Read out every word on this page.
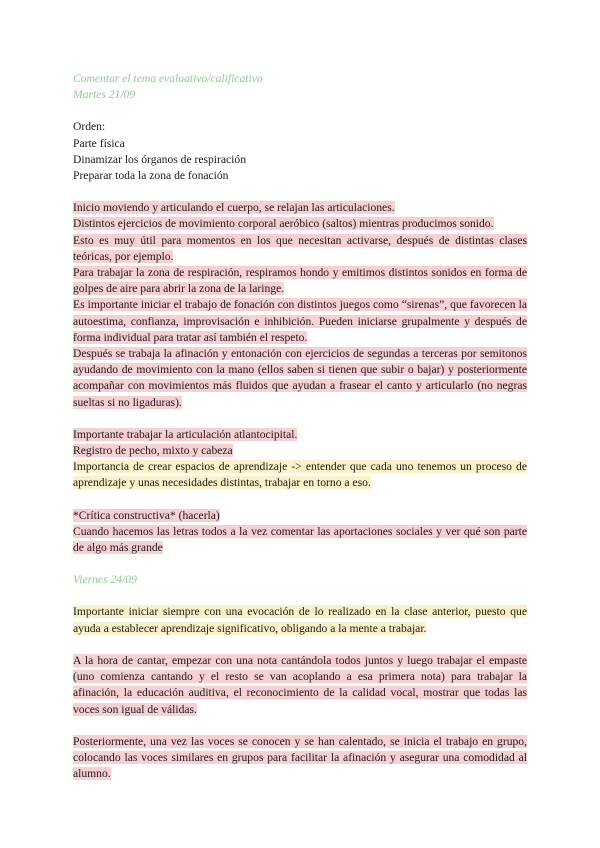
Comentar el tema evaluativo/calificativo

Martes 21/09

Orden:

Parte física

Dinamizar los órganos de respiración

Preparar toda la zona de fonación

Inicio moviendo y articulando el cuerpo, se relajan las articulaciones.

Distintos ejercicios de movimiento corporal aeróbico (saltos) mientras producimos sonido.

Esto es muy útil para momentos en los que necesitan activarse, después de distintas clases teóricas, por ejemplo.

Para trabajar la zona de respiración, respiramos hondo y emitimos distintos sonidos en forma de golpes de aire para abrir la zona de la laringe.

Es importante iniciar el trabajo de fonación con distintos juegos como “sirenas”, que favorecen la autoestima, confianza, improvisación e inhibición. Pueden iniciarse grupalmente y después de forma individual para tratar así también el respeto.

Después se trabaja la afinación y entonación con ejercicios de segundas a terceras por semitonos ayudando de movimiento con la mano (ellos saben si tienen que subir o bajar) y posteriormente acompañar con movimientos más fluidos que ayudan a frasear el canto y articularlo (no negras sueltas si no ligaduras).

Importante trabajar la articulación atlantocipital.

Registro de pecho, mixto y cabeza

Importancia de crear espacios de aprendizaje -> entender que cada uno tenemos un proceso de aprendizaje y unas necesidades distintas, trabajar en torno a eso.

*Crítica constructiva* (hacerla)

Cuando hacemos las letras todos a la vez comentar las aportaciones sociales y ver qué son parte de algo más grande

Viernes 24/09

Importante iniciar siempre con una evocación de lo realizado en la clase anterior, puesto que ayuda a establecer aprendizaje significativo, obligando a la mente a trabajar.

A la hora de cantar, empezar con una nota cantándola todos juntos y luego trabajar el empaste (uno comienza cantando y el resto se van acoplando a esa primera nota) para trabajar la afinación, la educación auditiva, el reconocimiento de la calidad vocal, mostrar que todas las voces son igual de válidas.

Posteriormente, una vez las voces se conocen y se han calentado, se inicia el trabajo en grupo, colocando las voces similares en grupos para facilitar la afinación y asegurar una comodidad al alumno.
